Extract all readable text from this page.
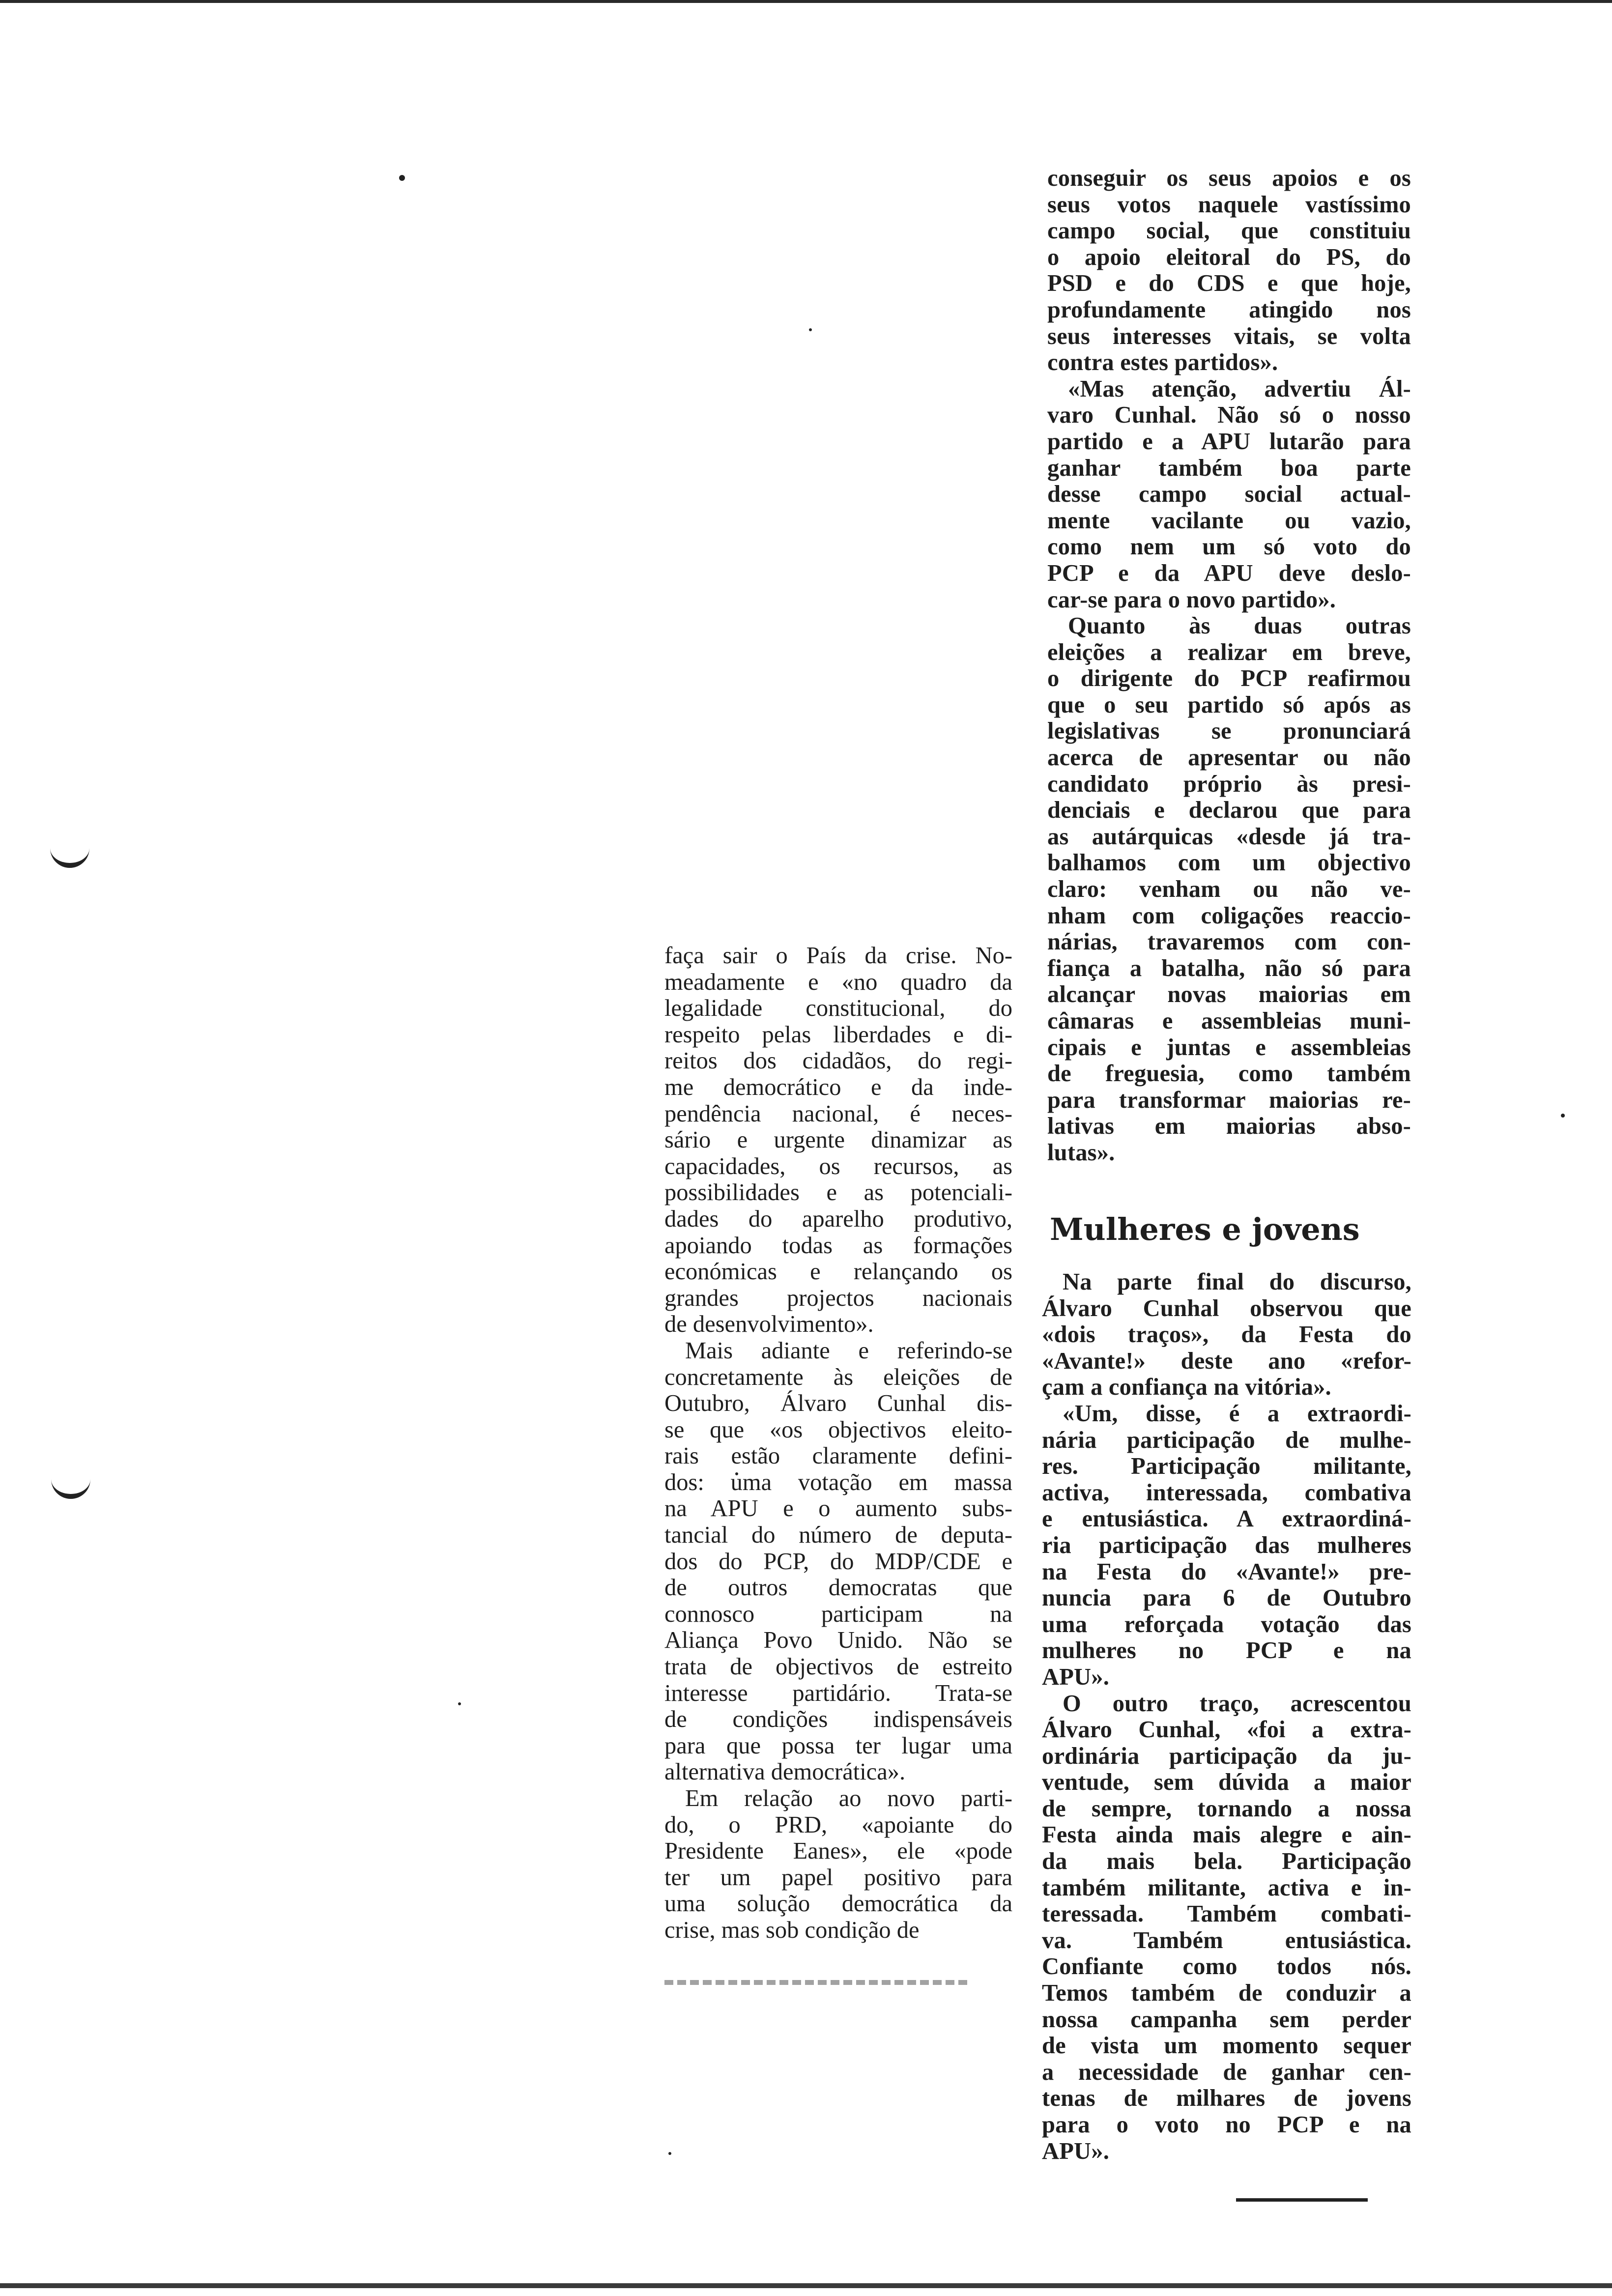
faça sair o País da crise. No-
meadamente e «no quadro da
legalidade constitucional, do
respeito pelas liberdades e di-
reitos dos cidadãos, do regi-
me democrático e da inde-
pendência nacional, é neces-
sário e urgente dinamizar as
capacidades, os recursos, as
possibilidades e as potenciali-
dades do aparelho produtivo,
apoiando todas as formações
económicas e relançando os
grandes projectos nacionais
de desenvolvimento».
Mais adiante e referindo-se
concretamente às eleições de
Outubro, Álvaro Cunhal dis-
se que «os objectivos eleito-
rais estão claramente defini-
dos: uma votação em massa
na APU e o aumento subs-
tancial do número de deputa-
dos do PCP, do MDP/CDE e
de outros democratas que
connosco participam na
Aliança Povo Unido. Não se
trata de objectivos de estreito
interesse partidário. Trata-se
de condições indispensáveis
para que possa ter lugar uma
alternativa democrática».
Em relação ao novo parti-
do, o PRD, «apoiante do
Presidente Eanes», ele «pode
ter um papel positivo para
uma solução democrática da
crise, mas sob condição de
conseguir os seus apoios e os
seus votos naquele vastíssimo
campo social, que constituiu
o apoio eleitoral do PS, do
PSD e do CDS e que hoje,
profundamente atingido nos
seus interesses vitais, se volta
contra estes partidos».
«Mas atenção, advertiu Ál-
varo Cunhal. Não só o nosso
partido e a APU lutarão para
ganhar também boa parte
desse campo social actual-
mente vacilante ou vazio,
como nem um só voto do
PCP e da APU deve deslo-
car-se para o novo partido».
Quanto às duas outras
eleições a realizar em breve,
o dirigente do PCP reafirmou
que o seu partido só após as
legislativas se pronunciará
acerca de apresentar ou não
candidato próprio às presi-
denciais e declarou que para
as autárquicas «desde já tra-
balhamos com um objectivo
claro: venham ou não ve-
nham com coligações reaccio-
nárias, travaremos com con-
fiança a batalha, não só para
alcançar novas maiorias em
câmaras e assembleias muni-
cipais e juntas e assembleias
de freguesia, como também
para transformar maiorias re-
lativas em maiorias abso-
lutas».
Mulheres e jovens
Na parte final do discurso,
Álvaro Cunhal observou que
«dois traços», da Festa do
«Avante!» deste ano «refor-
çam a confiança na vitória».
«Um, disse, é a extraordi-
nária participação de mulhe-
res. Participação militante,
activa, interessada, combativa
e entusiástica. A extraordiná-
ria participação das mulheres
na Festa do «Avante!» pre-
nuncia para 6 de Outubro
uma reforçada votação das
mulheres no PCP e na
APU».
O outro traço, acrescentou
Álvaro Cunhal, «foi a extra-
ordinária participação da ju-
ventude, sem dúvida a maior
de sempre, tornando a nossa
Festa ainda mais alegre e ain-
da mais bela. Participação
também militante, activa e in-
teressada. Também combati-
va. Também entusiástica.
Confiante como todos nós.
Temos também de conduzir a
nossa campanha sem perder
de vista um momento sequer
a necessidade de ganhar cen-
tenas de milhares de jovens
para o voto no PCP e na
APU».
